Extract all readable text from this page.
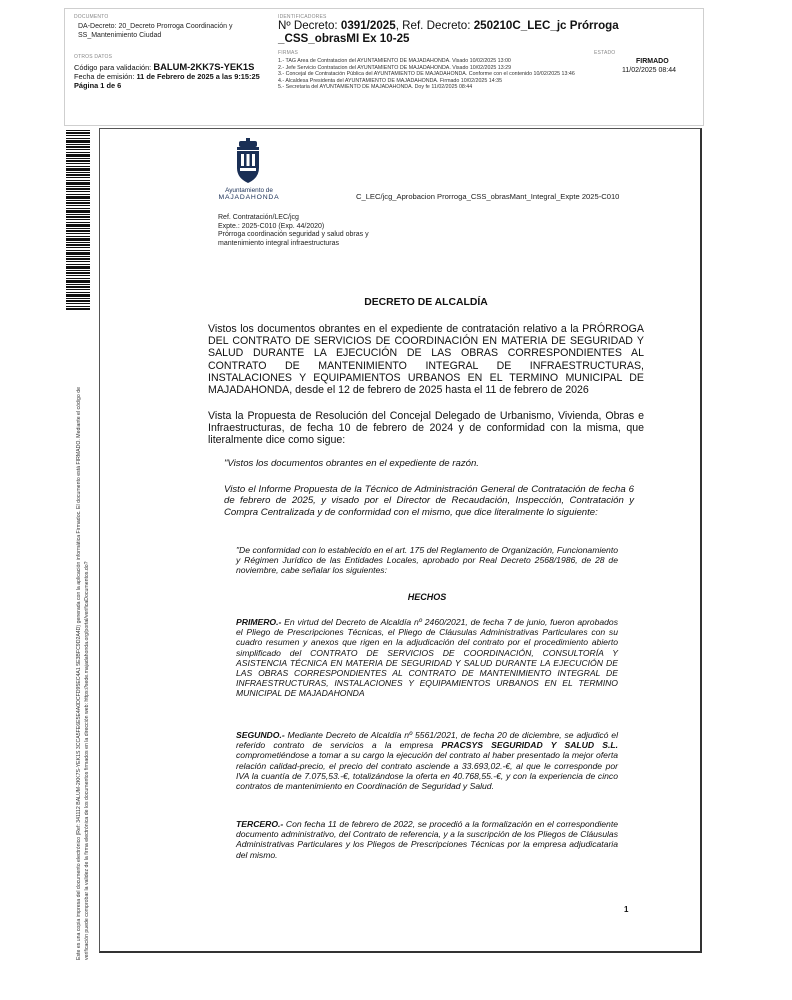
DOCUMENTO
DA-Decreto: 20_Decreto Prorroga Coordinación y SS_Mantenimiento Ciudad
IDENTIFICADORES
Nº Decreto: 0391/2025, Ref. Decreto: 250210C_LEC_jc Prórroga
_CSS_obrasMI Ex 10-25
OTROS DATOS
Código para validación: BALUM-2KK7S-YEK1S
Fecha de emisión: 11 de Febrero de 2025 a las 9:15:25
Página 1 de 6
FIRMAS
1.- TAG Area de Contratacion del AYUNTAMIENTO DE MAJADAHONDA. Visado 10/02/2025 13:00
2.- Jefe Servicio Contratacion del AYUNTAMIENTO DE MAJADAHONDA. Visado 10/02/2025 13:29
3.- Concejal de Contratación Pública del AYUNTAMIENTO DE MAJADAHONDA. Conforme con el contenido 10/02/2025 13:46
4.- Alcaldesa Presidenta del AYUNTAMIENTO DE MAJADAHONDA. Firmado 10/02/2025 14:35
5.- Secretaria del AYUNTAMIENTO DE MAJADAHONDA. Doy fe 11/02/2025 08:44
ESTADO
FIRMADO
11/02/2025 08:44
Este es una copia impresa del documento electrónico (Ref: 341112 BALUM-2KK7S-YEK1S 3CCA5FE6E5E4A0DCFD95EC4A1 5E3BFC9D2A4D) generada con la aplicación informática Firmadoc. El documento está FIRMADO. Mediante el código de verificación puede comprobar la validez de la firma electrónica de los documentos firmados en la dirección web: https://sede.majadahonda.org/portal/verificaDocumentos.do?
Ayuntamiento de
MAJADAHONDA	C_LEC/jcg_Aprobacion Prorroga_CSS_obrasMant_Integral_Expte 2025-C010
Ref. Contratación/LEC/jcg
Expte.: 2025-C010 (Exp. 44/2020)
Prórroga coordinación seguridad y salud obras y
mantenimiento integral infraestructuras
DECRETO DE ALCALDÍA
Vistos los documentos obrantes en el expediente de contratación relativo a la PRÓRROGA DEL CONTRATO DE SERVICIOS DE COORDINACIÓN EN MATERIA DE SEGURIDAD Y SALUD DURANTE LA EJECUCIÓN DE LAS OBRAS CORRESPONDIENTES AL CONTRATO DE MANTENIMIENTO INTEGRAL DE INFRAESTRUCTURAS, INSTALACIONES Y EQUIPAMIENTOS URBANOS EN EL TERMINO MUNICIPAL DE MAJADAHONDA, desde el 12 de febrero de 2025 hasta el 11 de febrero de 2026
Vista la Propuesta de Resolución del Concejal Delegado de Urbanismo, Vivienda, Obras e Infraestructuras, de fecha 10 de febrero de 2024 y de conformidad con la misma, que literalmente dice como sigue:
"Vistos los documentos obrantes en el expediente de razón.
Visto el Informe Propuesta de la Técnico de Administración General de Contratación de fecha 6 de febrero de 2025, y visado por el Director de Recaudación, Inspección, Contratación y Compra Centralizada y de conformidad con el mismo, que dice literalmente lo siguiente:
"De conformidad con lo establecido en el art. 175 del Reglamento de Organización, Funcionamiento y Régimen Jurídico de las Entidades Locales, aprobado por Real Decreto 2568/1986, de 28 de noviembre, cabe señalar los siguientes:
HECHOS
PRIMERO.- En virtud del Decreto de Alcaldía nº 2460/2021, de fecha 7 de junio, fueron aprobados el Pliego de Prescripciones Técnicas, el Pliego de Cláusulas Administrativas Particulares con su cuadro resumen y anexos que rigen en la adjudicación del contrato por el procedimiento abierto simplificado del CONTRATO DE SERVICIOS DE COORDINACIÓN, CONSULTORÍA Y ASISTENCIA TÉCNICA EN MATERIA DE SEGURIDAD Y SALUD DURANTE LA EJECUCIÓN DE LAS OBRAS CORRESPONDIENTES AL CONTRATO DE MANTENIMIENTO INTEGRAL DE INFRAESTRUCTURAS, INSTALACIONES Y EQUIPAMIENTOS URBANOS EN EL TERMINO MUNICIPAL DE MAJADAHONDA
SEGUNDO.- Mediante Decreto de Alcaldía nº 5561/2021, de fecha 20 de diciembre, se adjudicó el referido contrato de servicios a la empresa PRACSYS SEGURIDAD Y SALUD S.L. comprometiéndose a tomar a su cargo la ejecución del contrato al haber presentado la mejor oferta relación calidad-precio, el precio del contrato asciende a 33.693,02.-€, al que le corresponde por IVA la cuantía de 7.075,53.-€, totalizándose la oferta en 40.768,55.-€, y con la experiencia de cinco contratos de mantenimiento en Coordinación de Seguridad y Salud.
TERCERO.- Con fecha 11 de febrero de 2022, se procedió a la formalización en el correspondiente documento administrativo, del Contrato de referencia, y a la suscripción de los Pliegos de Cláusulas Administrativas Particulares y los Pliegos de Prescripciones Técnicas por la empresa adjudicataria del mismo.
1
